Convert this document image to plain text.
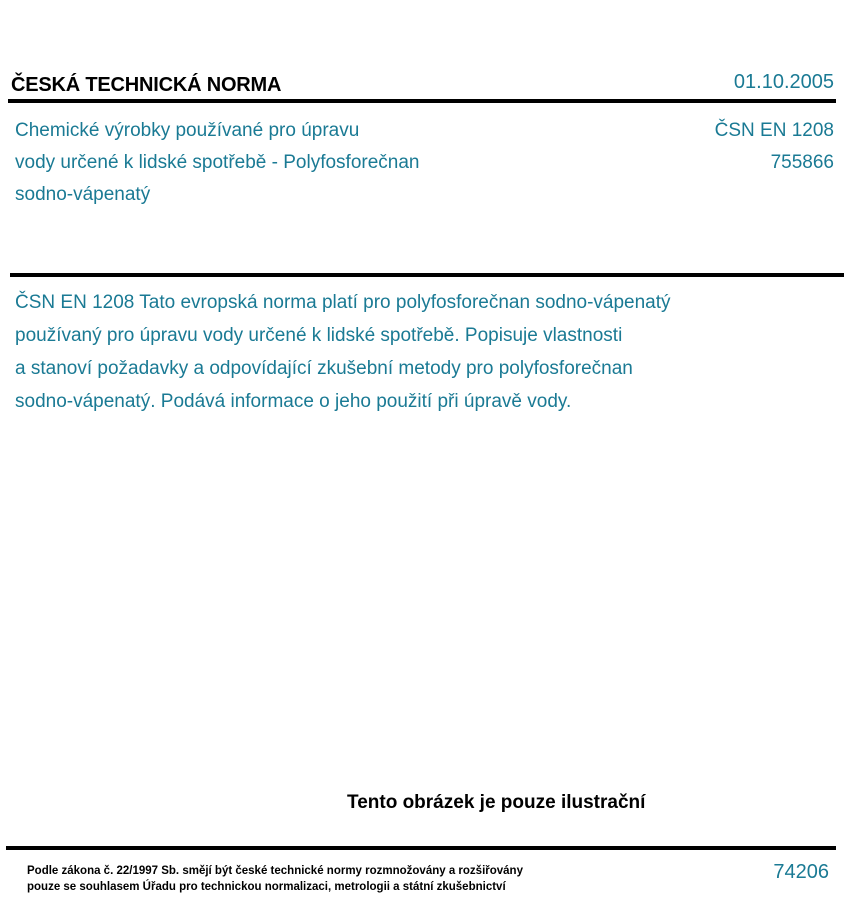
ČESKÁ TECHNICKÁ NORMA	01.10.2005
Chemické výrobky používané pro úpravu
vody určené k lidské spotřebě - Polyfosforečnan
sodno-vápenatý
ČSN EN 1208
755866
ČSN EN 1208 Tato evropská norma platí pro polyfosforečnan sodno-vápenatý
používaný pro úpravu vody určené k lidské spotřebě. Popisuje vlastnosti
a stanoví požadavky a odpovídající zkušební metody pro polyfosforečnan
sodno-vápenatý. Podává informace o jeho použití při úpravě vody.
Tento obrázek je pouze ilustrační
Podle zákona č. 22/1997 Sb. smějí být české technické normy rozmnožovány a rozšiřovány
pouze se souhlasem Úřadu pro technickou normalizaci, metrologii a státní zkušebnictví
74206
